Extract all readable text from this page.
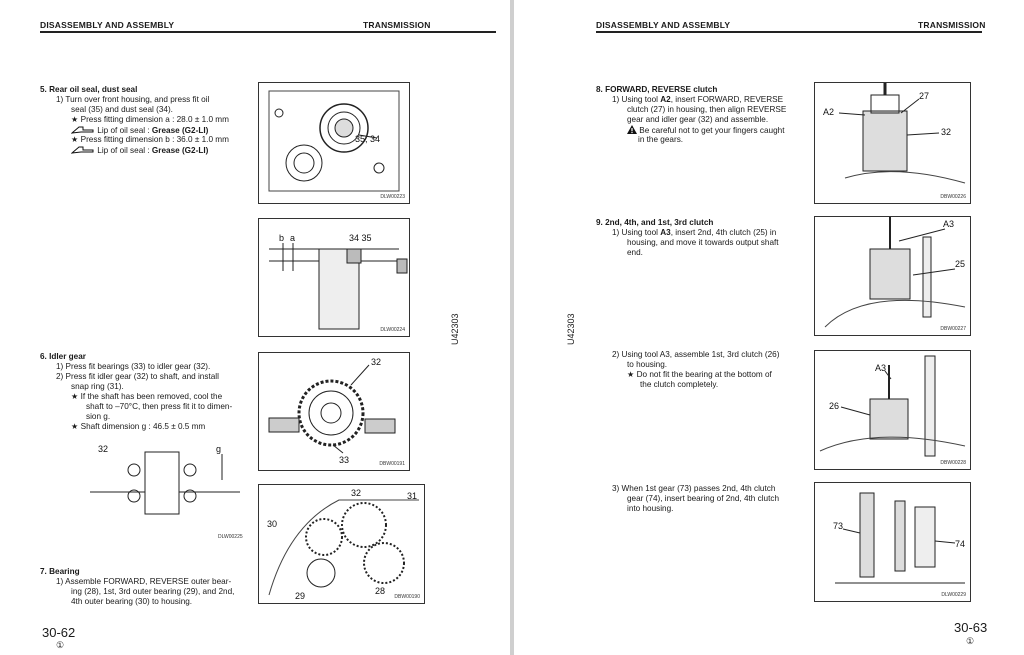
DISASSEMBLY AND ASSEMBLY	TRANSMISSION
5. Rear oil seal, dust seal
1) Turn over front housing, and press fit oil
seal (35) and dust seal (34).
★ Press fitting dimension a : 28.0 ± 1.0 mm
Lip of oil seal : Grease (G2-LI)
★ Press fitting dimension b : 36.0 ± 1.0 mm
Lip of oil seal : Grease (G2-LI)
35, 34
DLW00223
b a	34 35
DLW00224
6. Idler gear
1) Press fit bearings (33) to idler gear (32).
2) Press fit idler gear (32) to shaft, and install
snap ring (31).
★ If the shaft has been removed, cool the
shaft to –70°C, then press fit it to dimen-
sion g.
★ Shaft dimension g : 46.5 ± 0.5 mm
32	g
DLW00225
32
33	DBW00191
32	31
30
29	28
DBW00190
7. Bearing
1) Assemble FORWARD, REVERSE outer bear-
ing (28), 1st, 3rd outer bearing (29), and 2nd,
4th outer bearing (30) to housing.
U42303
30-62
①
DISASSEMBLY AND ASSEMBLY	TRANSMISSION
U42303
8. FORWARD, REVERSE clutch
1) Using tool A2, insert FORWARD, REVERSE
clutch (27) in housing, then align REVERSE
gear and idler gear (32) and assemble.
Be careful not to get your fingers caught
in the gears.
A2
27
32
DBW00226
9. 2nd, 4th, and 1st, 3rd clutch
1) Using tool A3, insert 2nd, 4th clutch (25) in
housing, and move it towards output shaft
end.
A3
25
DBW00227
2) Using tool A3, assemble 1st, 3rd clutch (26)
to housing.
★ Do not fit the bearing at the bottom of
the clutch completely.
A3
26
DBW00228
3) When 1st gear (73) passes 2nd, 4th clutch
gear (74), insert bearing of 2nd, 4th clutch
into housing.
73
74
DLW00229
30-63
①
